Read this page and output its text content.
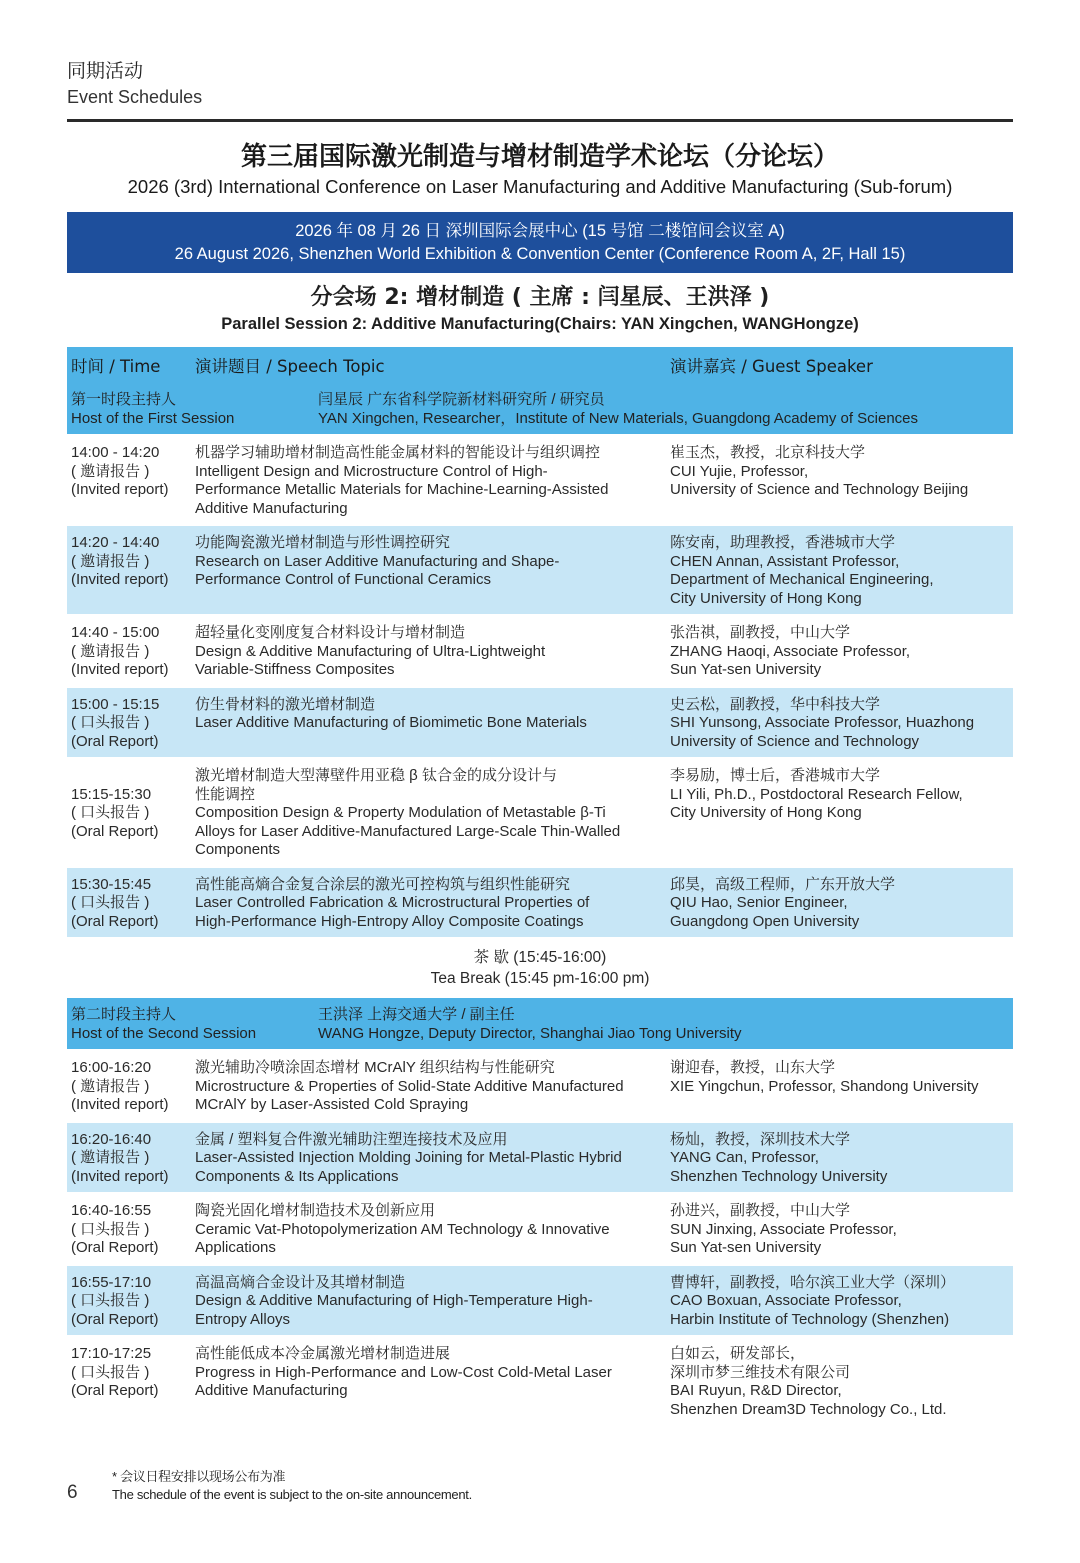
同期活动
Event Schedules
第三届国际激光制造与增材制造学术论坛（分论坛）
2026 (3rd) International Conference on Laser Manufacturing and Additive Manufacturing (Sub-forum)
2026 年 08 月 26 日 深圳国际会展中心 (15 号馆 二楼馆间会议室 A)
26 August 2026, Shenzhen World Exhibition & Convention Center (Conference Room A, 2F, Hall 15)
分会场 2: 增材制造 ( 主席 : 闫星辰、王洪泽 )
Parallel Session 2: Additive Manufacturing(Chairs: YAN Xingchen, WANGHongze)
时间 / Time	演讲题目 / Speech Topic	演讲嘉宾 / Guest Speaker
第一时段主持人
Host of the First Session
闫星辰 广东省科学院新材料研究所 / 研究员
YAN Xingchen, Researcher，Institute of New Materials, Guangdong Academy of Sciences
14:00 - 14:20
( 邀请报告 )
(Invited report)
机器学习辅助增材制造高性能金属材料的智能设计与组织调控
Intelligent Design and Microstructure Control of High-
Performance Metallic Materials for Machine-Learning-Assisted
Additive Manufacturing
崔玉杰，教授，北京科技大学
CUI Yujie, Professor,
University of Science and Technology Beijing
14:20 - 14:40
( 邀请报告 )
(Invited report)
功能陶瓷激光增材制造与形性调控研究
Research on Laser Additive Manufacturing and Shape-
Performance Control of Functional Ceramics
陈安南，助理教授，香港城市大学
CHEN Annan, Assistant Professor,
Department of Mechanical Engineering,
City University of Hong Kong
14:40 - 15:00
( 邀请报告 )
(Invited report)
超轻量化变刚度复合材料设计与增材制造
Design & Additive Manufacturing of Ultra-Lightweight
Variable-Stiffness Composites
张浩祺，副教授，中山大学
ZHANG Haoqi, Associate Professor,
Sun Yat-sen University
15:00 - 15:15
( 口头报告 )
(Oral Report)
仿生骨材料的激光增材制造
Laser Additive Manufacturing of Biomimetic Bone Materials
史云松，副教授，华中科技大学
SHI Yunsong, Associate Professor, Huazhong
University of Science and Technology

15:15-15:30
( 口头报告 )
(Oral Report)
激光增材制造大型薄壁件用亚稳 β 钛合金的成分设计与
性能调控
Composition Design & Property Modulation of Metastable β-Ti
Alloys for Laser Additive-Manufactured Large-Scale Thin-Walled
Components
李易励，博士后，香港城市大学
LI Yili, Ph.D., Postdoctoral Research Fellow,
City University of Hong Kong
15:30-15:45
( 口头报告 )
(Oral Report)
高性能高熵合金复合涂层的激光可控构筑与组织性能研究
Laser Controlled Fabrication & Microstructural Properties of
High-Performance High-Entropy Alloy Composite Coatings
邱昊，高级工程师，广东开放大学
QIU Hao, Senior Engineer,
Guangdong Open University
茶 歇 (15:45-16:00)
Tea Break (15:45 pm-16:00 pm)
第二时段主持人
Host of the Second Session
王洪泽 上海交通大学 / 副主任
WANG Hongze, Deputy Director, Shanghai Jiao Tong University
16:00-16:20
( 邀请报告 )
(Invited report)
激光辅助冷喷涂固态增材 MCrAlY 组织结构与性能研究
Microstructure & Properties of Solid-State Additive Manufactured
MCrAlY by Laser-Assisted Cold Spraying
谢迎春，教授，山东大学
XIE Yingchun, Professor, Shandong University
16:20-16:40
( 邀请报告 )
(Invited report)
金属 / 塑料复合件激光辅助注塑连接技术及应用
Laser-Assisted Injection Molding Joining for Metal-Plastic Hybrid
Components & Its Applications
杨灿，教授，深圳技术大学
YANG Can, Professor,
Shenzhen Technology University
16:40-16:55
( 口头报告 )
(Oral Report)
陶瓷光固化增材制造技术及创新应用
Ceramic Vat-Photopolymerization AM Technology & Innovative
Applications
孙进兴，副教授，中山大学
SUN Jinxing, Associate Professor,
Sun Yat-sen University
16:55-17:10
( 口头报告 )
(Oral Report)
高温高熵合金设计及其增材制造
Design & Additive Manufacturing of High-Temperature High-
Entropy Alloys
曹博轩，副教授，哈尔滨工业大学（深圳）
CAO Boxuan, Associate Professor,
Harbin Institute of Technology (Shenzhen)
17:10-17:25
( 口头报告 )
(Oral Report)
高性能低成本冷金属激光增材制造进展
Progress in High-Performance and Low-Cost Cold-Metal Laser
Additive Manufacturing
白如云，研发部长，
深圳市梦三维技术有限公司
BAI Ruyun, R&D Director,
Shenzhen Dream3D Technology Co., Ltd.
* 会议日程安排以现场公布为准
The schedule of the event is subject to the on-site announcement.
6
